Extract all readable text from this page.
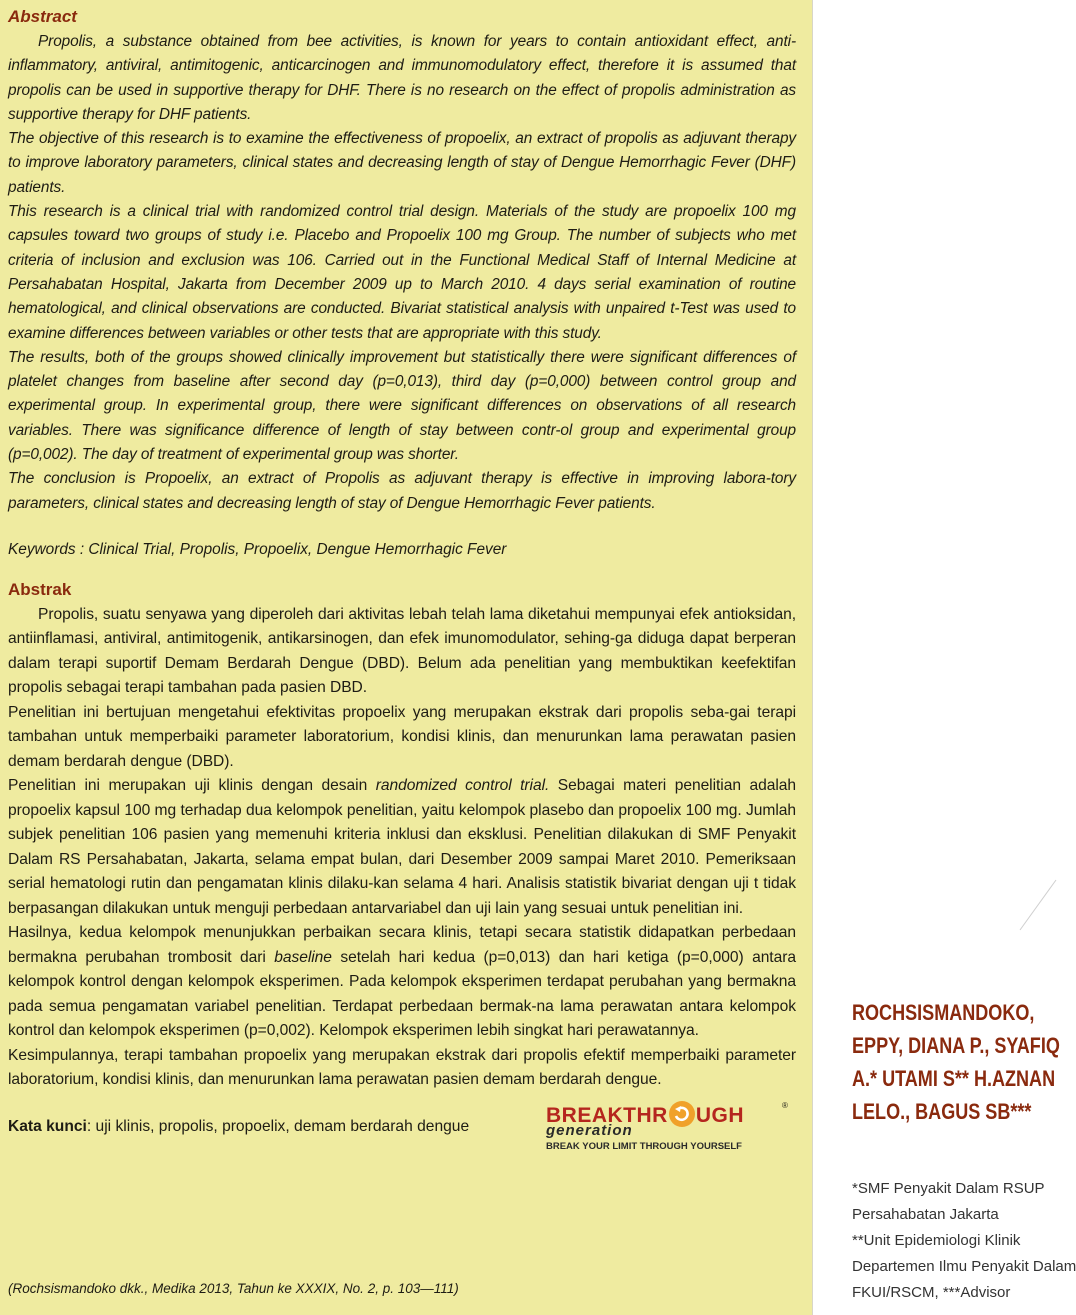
Abstract

Propolis, a substance obtained from bee activities, is known for years to contain antioxidant effect, anti-inflammatory, antiviral, antimitogenic, anticarcinogen and immunomodulatory effect, therefore it is assumed that propolis can be used in supportive therapy for DHF. There is no research on the effect of propolis administration as supportive therapy for DHF patients.

The objective of this research is to examine the effectiveness of propoelix, an extract of propolis as adjuvant therapy to improve laboratory parameters, clinical states and decreasing length of stay of Dengue Hemorrhagic Fever (DHF) patients.

This research is a clinical trial with randomized control trial design. Materials of the study are propoelix 100 mg capsules toward two groups of study i.e. Placebo and Propoelix 100 mg Group. The number of subjects who met criteria of inclusion and exclusion was 106. Carried out in the Functional Medical Staff of Internal Medicine at Persahabatan Hospital, Jakarta from December 2009 up to March 2010. 4 days serial examination of routine hematological, and clinical observations are conducted. Bivariat statistical analysis with unpaired t-Test was used to examine differences between variables or other tests that are appropriate with this study.

The results, both of the groups showed clinically improvement but statistically there were significant differences of platelet changes from baseline after second day (p=0,013), third day (p=0,000) between control group and experimental group. In experimental group, there were significant differences on observations of all research variables. There was significance difference of length of stay between contr-ol group and experimental group (p=0,002). The day of treatment of experimental group was shorter.

The conclusion is Propoelix, an extract of Propolis as adjuvant therapy is effective in improving labora-tory parameters, clinical states and decreasing length of stay of Dengue Hemorrhagic Fever patients.

Keywords : Clinical Trial, Propolis, Propoelix, Dengue Hemorrhagic Fever
Abstrak

Propolis, suatu senyawa yang diperoleh dari aktivitas lebah telah lama diketahui mempunyai efek antioksidan, antiinflamasi, antiviral, antimitogenik, antikarsinogen, dan efek imunomodulator, sehing-ga diduga dapat berperan dalam terapi suportif Demam Berdarah Dengue (DBD). Belum ada penelitian yang membuktikan keefektifan propolis sebagai terapi tambahan pada pasien DBD.

Penelitian ini bertujuan mengetahui efektivitas propoelix yang merupakan ekstrak dari propolis seba-gai terapi tambahan untuk memperbaiki parameter laboratorium, kondisi klinis, dan menurunkan lama perawatan pasien demam berdarah dengue (DBD).

Penelitian ini merupakan uji klinis dengan desain randomized control trial. Sebagai materi penelitian adalah propoelix kapsul 100 mg terhadap dua kelompok penelitian, yaitu kelompok plasebo dan propoelix 100 mg. Jumlah subjek penelitian 106 pasien yang memenuhi kriteria inklusi dan eksklusi. Penelitian dilakukan di SMF Penyakit Dalam RS Persahabatan, Jakarta, selama empat bulan, dari Desember 2009 sampai Maret 2010. Pemeriksaan serial hematologi rutin dan pengamatan klinis dilaku-kan selama 4 hari. Analisis statistik bivariat dengan uji t tidak berpasangan dilakukan untuk menguji perbedaan antarvariabel dan uji lain yang sesuai untuk penelitian ini.

Hasilnya, kedua kelompok menunjukkan perbaikan secara klinis, tetapi secara statistik didapatkan perbedaan bermakna perubahan trombosit dari baseline setelah hari kedua (p=0,013) dan hari ketiga (p=0,000) antara kelompok kontrol dengan kelompok eksperimen. Pada kelompok eksperimen terdapat perubahan yang bermakna pada semua pengamatan variabel penelitian. Terdapat perbedaan bermak-na lama perawatan antara kelompok kontrol dan kelompok eksperimen (p=0,002). Kelompok eksperimen lebih singkat hari perawatannya.

Kesimpulannya, terapi tambahan propoelix yang merupakan ekstrak dari propolis efektif memperbaiki parameter laboratorium, kondisi klinis, dan menurunkan lama perawatan pasien demam berdarah dengue.

Kata kunci: uji klinis, propolis, propoelix, demam berdarah dengue	BREAKTHR UGH	®
generation
BREAK YOUR LIMIT THROUGH YOURSELF
(Rochsismandoko dkk., Medika 2013, Tahun ke XXXIX, No. 2, p. 103—111)
ROCHSISMANDOKO,
EPPY, DIANA P., SYAFIQ
A.* UTAMI S** H.AZNAN
LELO., BAGUS SB***
*SMF Penyakit Dalam RSUP
Persahabatan Jakarta
**Unit Epidemiologi Klinik
Departemen Ilmu Penyakit Dalam
FKUI/RSCM, ***Advisor
